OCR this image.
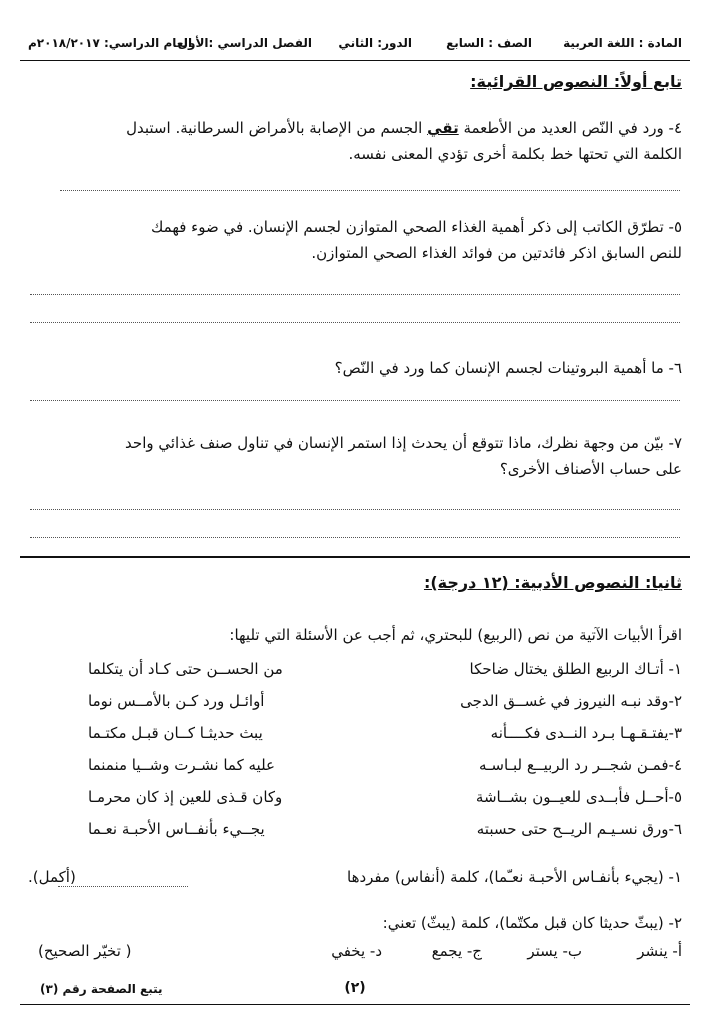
المادة : اللغة العربية
الصف : السابع
الدور: الثاني
الفصل الدراسي :الأول
العام الدراسي: ٢٠١٨/٢٠١٧م
تابع أولاً: النصوص القرائية:
٤- ورد في النّص العديد من الأطعمة تقي الجسم من الإصابة بالأمراض السرطانية. استبدل
الكلمة التي تحتها خط بكلمة أخرى تؤدي المعنى نفسه.
٥- تطرّق الكاتب إلى ذكر أهمية الغذاء الصحي المتوازن لجسم الإنسان. في ضوء فهمك
للنص السابق اذكر فائدتين من فوائد الغذاء الصحي المتوازن.
٦- ما أهمية البروتينات لجسم الإنسان كما ورد في النّص؟
٧- بيّن من وجهة نظرك، ماذا تتوقع أن يحدث إذا استمر الإنسان في تناول صنف غذائي واحد
على حساب الأصناف الأخرى؟
ثانيا: النصوص الأدبية: (١٢ درجة):
اقرأ الأبيات الآتية من نص (الربيع) للبحتري، ثم أجب عن الأسئلة التي تليها:
١- أتـاك الربيع الطلق يختال ضاحكا
من الحســن حتى كـاد أن يتكلما
٢-وقد نبـه النيروز في غســق الدجى
أوائـل ورد كـن بالأمــس نوما
٣-يفتـقـهـا بـرد النــدى فكــــأنه
يبث حديثـا كــان قبـل مكتـما
٤-فمـن شجــر رد الربيــع لبـاسـه
عليه كما نشـرت وشــيا منمنما
٥-أحــل فأبــدى للعيــون بشــاشة
وكان قـذى للعين إذ كان محرمـا
٦-ورق نسـيـم الريــح حتى حسبته
يجــيء بأنفــاس الأحبـة نعـما
١- (يجيء بأنفـاس الأحبـة نعـّما)، كلمة (أنفاس) مفردها
(أكمل).
٢- (يبثّ حديثا كان قبل مكتّما)، كلمة (يبثّ) تعني:
أ- ينشر
ب- يستر
ج- يجمع
د- يخفي
( تخيّر الصحيح)
(٢)
يتبع الصفحة رقم (٣)
